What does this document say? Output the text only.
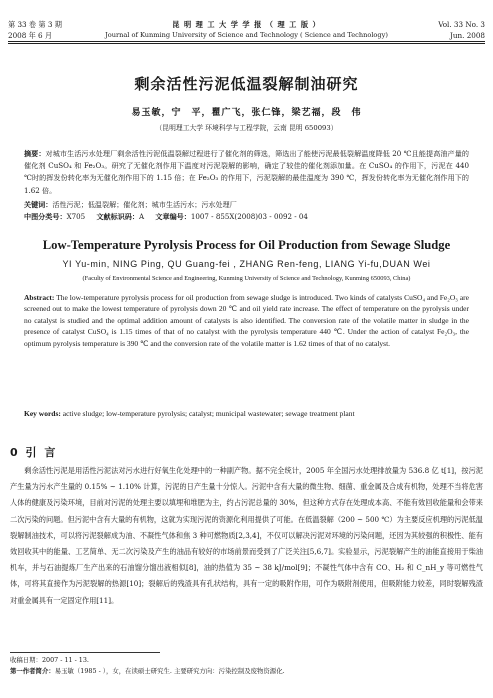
第 33 卷 第 3 期	昆 明 理 工 大 学 学 报 （ 理 工 版 ）	Vol. 33 No. 3
2008 年 6 月	Journal of Kunming University of Science and Technology ( Science and Technology)	Jun. 2008
剩余活性污泥低温裂解制油研究
易玉敏，宁　平，瞿广飞，张仁锋，梁艺福，段　伟
（昆明理工大学 环境科学与工程学院，云南 昆明 650093）
摘要：对城市生活污水处理厂剩余活性污泥低温裂解过程进行了催化剂的筛选，筛选出了能使污泥最低裂解温度降低 20 ℃且能提高油产量的催化剂 CuSO₄ 和 Fe₂O₃。研究了无催化剂作用下温度对污泥裂解的影响，确定了较佳的催化剂添加量。在 CuSO₄ 的作用下，污泥在 440 ℃时的挥发份转化率为无催化剂作用下的 1.15 倍；在 Fe₂O₃ 的作用下，污泥裂解的最佳温度为 390 ℃，挥发份转化率为无催化剂作用下的 1.62 倍。
关键词：活性污泥；低温裂解；催化剂；城市生活污水；污水处理厂
中图分类号：X705 文献标识码：A 文章编号：1007 - 855X(2008)03 - 0092 - 04
Low-Temperature Pyrolysis Process for Oil Production from Sewage Sludge
YI Yu-min, NING Ping, QU Guang-fei , ZHANG Ren-feng, LIANG Yi-fu,DUAN Wei
(Faculty of Environmental Science and Engineering, Kunming University of Science and Technology, Kunming 650093, China)
Abstract: The low-temperature pyrolysis process for oil production from sewage sludge is introduced. Two kinds of catalysts CuSO₄ and Fe₂O₃ are screened out to make the lowest temperature of pyrolysis down 20 ℃ and oil yield rate increase. The effect of temperature on the pyrolysis under no catalyst is studied and the optimal addition amount of catalysts is also identified. The conversion rate of the volatile matter in sludge in the presence of catalyst CuSO₄ is 1.15 times of that of no catalyst with the pyrolysis temperature 440 ℃. Under the action of catalyst Fe₂O₃, the optimum pyrolysis temperature is 390 ℃ and the conversion rate of the volatile matter is 1.62 times of that of no catalyst.
Key words: active sludge; low-temperature pyrolysis; catalyst; municipal wastewater; sewage treatment plant
0 引 言
剩余活性污泥是用活性污泥法对污水进行好氧生化处理中的一种副产物。据不完全统计，2005 年全国污水处理排放量为 536.8 亿 t[1]，按污泥产生量为污水产生量的 0.15% ~ 1.10% 计算，污泥的日产生量十分惊人。污泥中含有大量的微生物、细菌、重金属及合成有机物，处理不当将危害人体的健康及污染环境，目前对污泥的处理主要以填埋和堆肥为主，约占污泥总量的 30%，但这种方式存在处理成本高、不能有效回收能量和会带来二次污染的问题。但污泥中含有大量的有机物，这就为实现污泥的资源化利用提供了可能。在低温裂解（200 ~ 500 ℃）为主要反应机理的污泥低温裂解制油技术，可以将污泥裂解成为油、不凝性气体和焦 3 种可燃物质[2,3,4]，不仅可以解决污泥对环境的污染问题，还因为其较强的积极性、能有效回收其中的能量、工艺简单、无二次污染及产生的油品有较好的市场前景而受到了广泛关注[5,6,7]。实验显示，污泥裂解产生的油能直接用于柴油机车，并与石油提炼厂生产出来的石油馏分馏出液相似[8]，油的热值为 35 ~ 38 kJ/mol[9]；不凝性气体中含有 CO、H₂ 和 C_nH_y 等可燃性气体，可将其直接作为污泥裂解的热源[10]；裂解后的残渣具有孔状结构，具有一定的吸附作用，可作为吸附剂使用，但吸附能力较差，同时裂解残渣对重金属具有一定固定作用[11]。
收稿日期：2007 - 11 - 13.
第一作者简介：易玉敏（1985 - ），女，在读硕士研究生. 主要研究方向：污染控制及废物资源化.
